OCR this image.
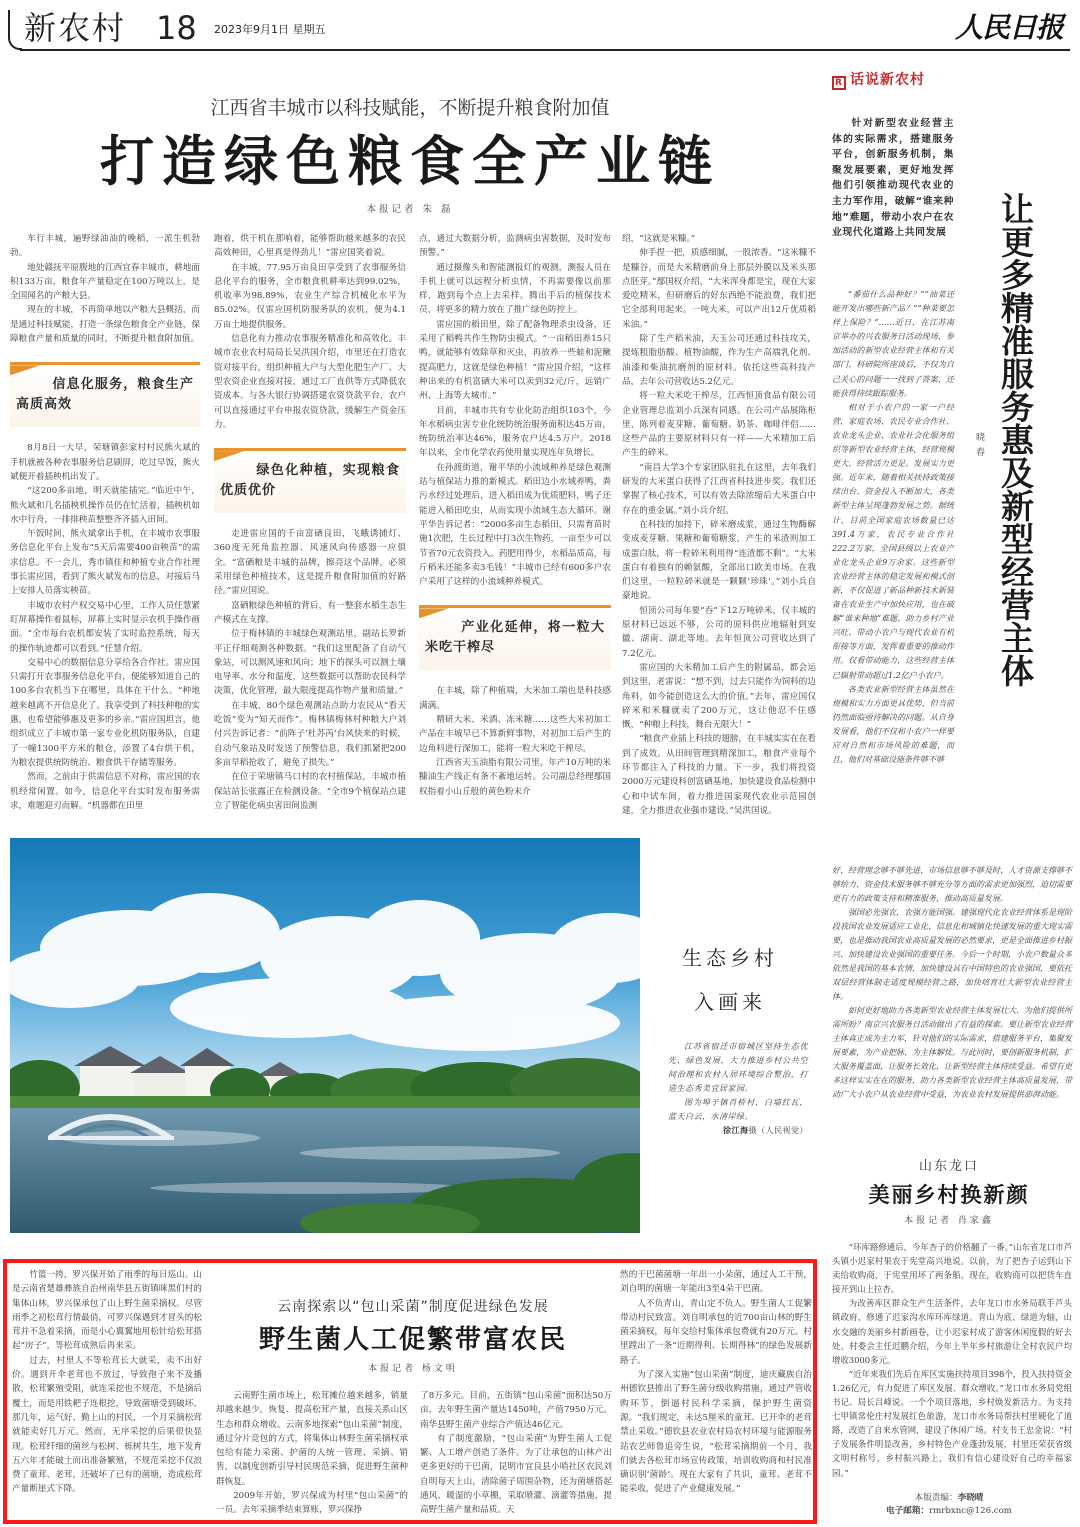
新农村 18 2023年9月1日 星期五	人民日报
江西省丰城市以科技赋能，不断提升粮食附加值
打造绿色粮食全产业链
本报记者 朱 磊

车行丰城，遍野绿油油的晚稻，一派生机勃勃。

地处赣抚平原腹地的江西宜春丰城市，耕地面积133万亩，粮食年产量稳定在100万吨以上，是全国闻名的产粮大县。

现在的丰城，不再简单地以产粮大县概括，而是通过科技赋能，打造一条绿色粮食全产业链，保障粮食产量和质量的同时，不断提升粮食附加值。

信息化服务，粮食生产高质高效

8月8日一大早，荣塘镇彭家村村民熊火斌的手机就被各种农事服务信息刷屏，吃过早饭，熊火斌便开着插秧机出发了。

“这200多亩地，明天就能插完。”临近中午，熊火斌和几名插秧机操作员仍在忙活着，插秧机如水中行舟，一排排秧苗整整齐齐插入田间。

午饭时间，熊火斌拿出手机，在丰城市农事服务信息化平台上发布“5天后需要400亩秧苗”的需求信息。不一会儿，秀市镇佳和种植专业合作社理事长雷应国，看到了熊火斌发布的信息，对接后马上安排人员落实秧苗。

丰城市农村产权交易中心里，工作人员任慧紧盯屏幕操作着鼠标，屏幕上实时显示农机手操作画面。“全市每台农机都安装了实时监控系统，每天的操作轨迹都可以看到。”任慧介绍。

交易中心的数据信息分享给各合作社。雷应国只需打开农事服务信息化平台，便能够知道自己的100多台农机当下在哪里，具体在干什么。“种地越来越离不开信息化了。我享受到了科技种粮的实惠，也希望能够惠及更多的乡亲。”雷应国坦言，他组织成立了丰城市第一家专业化机防服务队，自建了一幢1300平方米的粮仓，添置了4台烘干机，为粮农提供统防统治、粮食烘干存储等服务。

然而，之前由于供需信息不对称，雷应国的农机经常闲置。如今，信息化平台实时发布服务需求，难题迎刃而解。“机器都在田里

跑着，烘干机在那响着，能够帮助越来越多的农民高效种田，心里真是得劲儿！”雷应国笑着说。

在丰城，77.95万亩良田享受到了农事服务信息化平台的服务，全市粮食机耕率达到99.02%，机收率为98.89%，农业生产综合机械化水平为85.02%。仅雷应国机防服务队的农机，便为4.1万亩土地提供服务。

信息化有力推动农事服务精准化和高效化。丰城市农业农村局局长吴洪国介绍，市里还在打造农资对接平台，组织种植大户与大型化肥生产厂、大型农资企业直接对接，通过工厂直供等方式降低农资成本。与各大银行协调搭建农资贷款平台，农户可以直接通过平台申报农资贷款，缓解生产资金压力。

绿色化种植，实现粮食优质优价

走进雷应国的千亩富硒良田，飞蛾诱捕灯、360度无死角监控器、风速风向传感器一应俱全。“富硒粮是丰城的品牌，擦亮这个品牌，必须采用绿色种植技术，这是提升粮食附加值的好路径。”雷应国说。

富硒粮绿色种植的背后，有一整套水稻生态生产模式在支撑。

位于梅林镇的丰城绿色观测站里，副站长罗新平正仔细观测各种数据。“我们这里配备了自动气象站，可以测风速和风向；地下的探头可以测土壤电导率、水分和温度，这些数据可以帮助农民科学决策，优化管理，最大限度提高作物产量和质量。”

在丰城，80个绿色观测站点助力农民从“看天吃饭”变为“知天而作”。梅林镇梅林村种粮大户刘付兴告诉记者：“前阵子‘杜苏芮’台风快来的时候，自动气象站及时发送了预警信息，我们抓紧把200多亩早稻抢收了，避免了损失。”

在位于荣塘镇马口村的农村植保站，丰城市植保站站长张露正在检测设备。“全市9个植保站点建立了智能化病虫害田间监测

点，通过大数据分析，监测病虫害数据，及时发布预警。”

通过摄像头和智能测报灯的观测，测报人员在手机上就可以远程分析虫情，不再需要像以前那样，跑到每个点上去采样。腾出手后的植保技术员，将更多的精力放在了推广绿色防控上。

雷应国的稻田里，除了配备物理杀虫设备，还采用了稻鸭共作生物防虫模式。“一亩稻田养15只鸭，就能够有效除草和灭虫，再放养一些蛙和泥鳅提高肥力，这就是绿色种植！”雷应国介绍，“这样种出来的有机富硒大米可以卖到32元/斤，远销广州、上海等大城市。”

目前，丰城市共有专业化防治组织103个，今年水稻病虫害专业化统防统治服务面积达45万亩，统防统治率达46%，服务农户达4.5万户。2018年以来，全市化学农药使用量实现连年负增长。

在孙渡街道，谢平华的小流域种养是绿色观测站与植保站力推的新模式。稻田边小水域养鸭，粪污水经过处理后，进入稻田成为优质肥料，鸭子还能进入稻田吃虫，从而实现小流域生态大循环。谢平华告诉记者：“2000多亩生态稻田，只需育苗时施1次肥，生长过程中打3次生物药，一亩至少可以节省70元农资投入。药肥用得少，水稻品质高，每斤稻米还能多卖3毛钱！”丰城市已经有600多户农户采用了这样的小流域种养模式。

产业化延伸，将一粒大米吃干榨尽

在丰城，除了种植端，大米加工端也是科技感满满。

精研大米、米酒、冻米糖……这些大米初加工产品在丰城早已不算新鲜事物，对初加工后产生的边角料进行深加工，能将一粒大米吃干榨尽。

江西省天玉油脂有限公司里，年产10万吨的米糠油生产线正有条不紊地运转。公司副总经理鄢国权指着小山丘般的黄色粉末介

绍，“这就是米糠。”

伸手捏一把，质感细腻，一股浓香。“这米糠不是糠谷，而是大米精磨前身上那层外膜以及米头那点胚芽。”鄢国权介绍，“大米浑身都是宝，现在大家爱吃精米，但研磨后的好东西绝不能浪费，我们把它全部利用起来。一吨大米，可以产出12斤优质稻米油。”

除了生产稻米油，天玉公司还通过科技攻关，提炼粗脂肪酸、植物油酸，作为生产高端乳化剂、油漆和柴油抗磨剂的原材料。依托这些高科技产品，去年公司营收达5.2亿元。

将一粒大米吃干榨尽，江西恒顶食品有限公司企业管理总监刘小兵深有同感。在公司产品展陈柜里，陈列着麦芽糖、葡萄糖、奶茶、咖啡伴侣……这些产品的主要原材料只有一样——大米精加工后产生的碎米。

“南昌大学3个专家团队驻扎在这里，去年我们研发的大米蛋白获得了江西省科技进步奖。我们还掌握了核心技术，可以有效去除浓缩后大米蛋白中存在的重金属。”刘小兵介绍。

在科技的加持下，碎米磨成浆，通过生物酶解变成麦芽糖、果糖和葡萄糖浆，产生的米渣则加工成蛋白肽，将一粒碎米利用得“连渣都不剩”。“大米蛋白有着独有的赖氨酸，全部出口欧美市场。在我们这里，一粒粒碎米就是一颗颗‘珍珠’。”刘小兵自豪地说。

恒顶公司每年要“吞”下12万吨碎米，仅丰城的原材料已远远不够，公司的原料供应地辐射到安徽、湖南、湖北等地。去年恒顶公司营收达到了7.2亿元。

雷应国的大米精加工后产生的附属品，都会运到这里，老雷说：“想不到，过去只能作为饲料的边角料，如今能创造这么大的价值。”去年，雷应国仅碎米和米糠就卖了200万元，这让他忍不住感慨，“种粮上科技，舞台无限大！”

“粮食产业插上科技的翅膀，在丰城实实在在看到了成效。从田间管理到精深加工，粮食产业每个环节都注入了科技的力量。下一步，我们将投资2000万元建设科创富硒基地，加快建设食品检测中心和中试车间，着力推进国家现代农业示范园创建，全力推进农业强市建设。”吴洪国说。

R 话说新农村

针对新型农业经营主体的实际需求，搭建服务平台，创新服务机制，集聚发展要素，更好地发挥他们引领推动现代农业的主力军作用，破解“谁来种地”难题，带动小农户在农业现代化道路上共同发展 让更多精准服务惠及新型经营主体
晓春

“番茄什么品种好？”“油菜还能开发出哪些新产品？”“种菜要怎样上保险？”……近日，在江苏南京举办的兴农服务日活动现场，参加活动的新型农业经营主体和有关部门、科研院所座谈后，不仅为自己关心的问题一一找到了答案，还能获得持续跟踪服务。

相对于小农户的一家一户经营，家庭农场、农民专业合作社、农业龙头企业、农业社会化服务组织等新型农业经营主体，经营规模更大、经营活力更足、发展实力更强。近年来，随着相关扶持政策接续出台、资金投入不断加大，各类新型主体呈现蓬勃发展之势。据统计，目前全国家庭农场数量已达391.4万家，农民专业合作社222.2万家，全国县级以上农业产业化龙头企业9万余家。这些新型农业经营主体的稳定发展和模式创新，不仅促进了新品种新技术新装备在农业生产中加快应用，也在破解“谁来种地”难题、助力乡村产业兴旺、带动小农户与现代农业有机衔接等方面，发挥着重要的推动作用。仅看带动能力，这些经营主体已辐射带动超过1.2亿户小农户。

各类农业新型经营主体虽然在规模和实力方面更具优势，但当前仍然面临亟待解决的问题。从自身发展看，他们不仅和小农户一样要应对自然和市场风险的难题，而且，他们对基础设施条件够不够

好、经营理念够不够先进、市场信息够不够及时、人才资源支撑够不够给力、资金技术服务够不够充分等方面的需求更加强烈，迫切需要更有力的政策支持和精准服务，推动高质量发展。

强国必先强农，农强方能国强。建强现代化农业经营体系是现阶段我国农业发展适应工业化、信息化和城镇化快速发展的重大现实需要，也是推动我国农业高质量发展的必然要求，更是全面推进乡村振兴、加快建设农业强国的重要任务。今后一个时期，小农户数量众多依然是我国的基本农情，加快建设具有中国特色的农业强国，要依托双层经营体制走适度规模经营之路，加快培育壮大新型农业经营主体。

如何更好地助力各类新型农业经营主体发展壮大、为他们提供所需所盼？南京兴农服务日活动做出了有益的探索。要让新型农业经营主体真正成为主力军，针对他们的实际需求，搭建服务平台，集聚发展要素，为产业把脉、为主体解忧。与此同时，要创新服务机制，扩大服务覆盖面，让服务长效化，让新型经营主体持续受益。希望有更多这样实实在在的服务，助力各类新型农业经营主体高质量发展，带动广大小农户从农业经营中受益，为农业农村发展提供澎湃动能。

生态乡村
入画来

江苏省宿迁市宿城区坚持生态优先、绿色发展，大力推进乡村公共空间治理和农村人居环境综合整治，打造生态秀美宜居家园。

图为埠子镇肖桥村，白墙红瓦，蓝天白云，水清岸绿。

徐江海摄（人民视觉）
山东龙口
美丽乡村换新颜
本报记者 肖家鑫

“环库路修通后，今年杏子的价格翻了一番。”山东省龙口市芦头镇小迟家村果农于宪堂高兴地说。以前，为了把杏子运到山下卖给收购商，于宪堂用坏了两条船。现在，收购商可以把货车直接开到山上拉杏。

为改善库区群众生产生活条件，去年龙口市水务局联手芦头镇政府，修通了迟家沟水库环库绿道。青山为底、绿道为轴，山水交融的美丽乡村新画卷，让小迟家村成了游客休闲度假的好去处。村委会主任迟鹏介绍，今年上半年乡村旅游让全村农民户均增收3000多元。

“近年来我们先后在库区实施扶持项目398个，投入扶持资金1.26亿元，有力促进了库区发展、群众增收。”龙口市水务局党组书记、局长吕峰说。一个个项目落地，乡村焕发新活力。为支持七甲镇常伦庄村发展红色旅游，龙口市水务局帮扶村里硬化了道路，改造了自来水管网，建设了休闲广场。村支书王忠金说：“村子发展条件明显改善，乡村特色产业蓬勃发展，村里还荣获省级文明村称号。乡村振兴路上，我们有信心建设好自己的幸福家园。”

本版责编：李晓晴
电子邮箱：rmrbxnc@126.com
云南探索以“包山采菌”制度促进绿色发展
野生菌人工促繁带富农民
本报记者 杨文明

竹篮一挎，罗兴保开始了雨季的每日巡山。山是云南省楚雄彝族自治州南华县五街镇咪黑们村的集体山林，罗兴保承包了山上野生菌采摘权。尽管雨季之初松茸行情最俏，可罗兴保遇到才冒头的松茸并不急着采摘，而是小心翼翼地用松针给松茸搭起“房子”，等松茸成熟后再来采。

过去，村里人不等松茸长大就采，卖不出好价。遇到开伞老茸也不放过，导致孢子来不及播散，松茸繁殖受阻，就连采挖也不规范，不是摘后覆土，而是用铁耙子连根挖，导致菌塘受到破坏。那几年，运气好、勤上山的村民，一个月采摘松茸就能卖好几万元。然而，无序采挖的后果很快显现。松茸纤细的菌丝与松树、栎树共生，地下发育五六年才能破土而出准备繁殖，不规范采挖不仅浪费了童茸、老茸，还破坏了已有的菌塘，造成松茸产量断崖式下降。

云南野生菌市场上，松茸摊位越来越多，销量却越来越少。恢复、提高松茸产量，直接关系山区生态和群众增收。云南多地探索“包山采菌”制度，通过分片竞包的方式，将集体山林野生菌采摘权承包给有能力采菌、护菌的人统一管理、采摘、销售，以制度创新引导村民规范采摘，促进野生菌种群恢复。

2009年开始，罗兴保成为村里“包山采菌”的一员。去年采摘季结束算账，罗兴保挣

了8万多元。目前，五街镇“包山采菌”面积达50万亩，去年野生菌产量达1450吨，产值7950万元。南华县野生菌产业综合产值达46亿元。

有了制度激励，“包山采菌”为野生菌人工促繁、人工增产创造了条件。为了让承包的山林产出更多更好的干巴菌，昆明市宜良县小哨社区农民刘自明每天上山，清除菌子周围杂物，还为菌塘搭起通风、暖湿的小草棚，采取喷灌、滴灌等措施，提高野生菌产量和品质。天

然的干巴菌菌塘一年出一小朵菌，通过人工干预，刘自明的菌塘一年能出3至4朵干巴菌。

人不负青山，青山定不负人。野生菌人工促繁带动村民致富。刘自明承包的近700亩山林的野生菌采摘权，每年交给村集体承包费就有20万元。村里蹚出了一条“近期得利、长期得林”的绿色发展新路子。

为了深入实施“包山采菌”制度，迪庆藏族自治州德钦县推出了野生菌分级收购措施，通过严管收购环节，倒逼村民科学采摘，保护野生菌资源。“我们规定，未达5厘米的童茸、已开伞的老茸禁止采收。”德钦县农业农村局农村环境与能源服务站农艺师鲁追旁生说，“松茸采摘期前一个月，我们就去各松茸市场宣传政策，培训收购商和村民准确识别‘菌龄’。现在大家有了共识，童茸、老茸不能采收，促进了产业健康发展。”
